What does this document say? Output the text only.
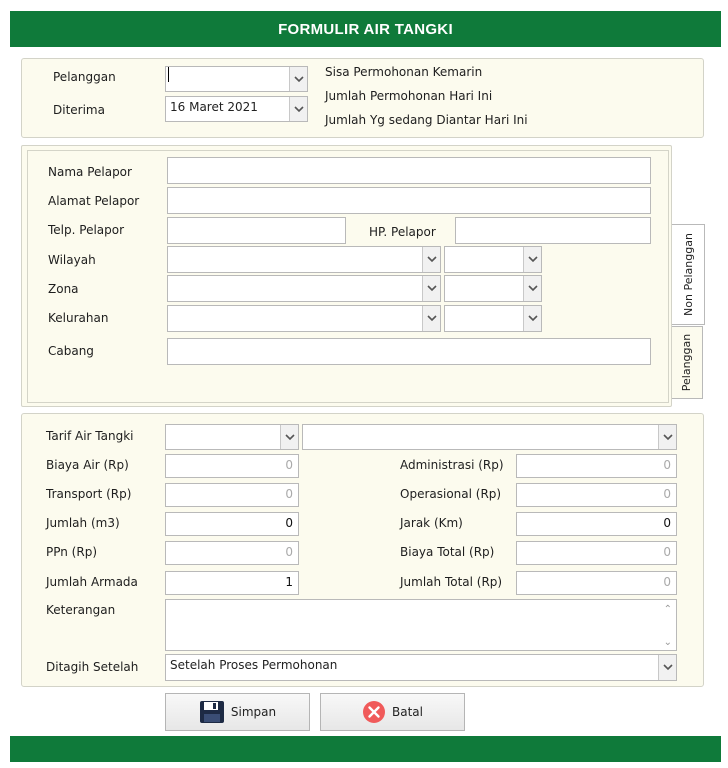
FORMULIR AIR TANGKI
Pelanggan
Diterima	16 Maret 2021
Sisa Permohonan Kemarin
Jumlah Permohonan Hari Ini
Jumlah Yg sedang Diantar Hari Ini
Nama Pelapor
Alamat Pelapor
Telp. Pelapor	HP. Pelapor
Wilayah
Zona
Kelurahan
Cabang
Non Pelanggan
Pelanggan
Tarif Air Tangki
Biaya Air (Rp)	0	Administrasi (Rp)	0
Transport (Rp)	0	Operasional (Rp)	0
Jumlah (m3)	0	Jarak (Km)	0
PPn (Rp)	0	Biaya Total (Rp)	0
Jumlah Armada	1	Jumlah Total (Rp)	0
Keterangan	⌃
⌄
Ditagih Setelah	Setelah Proses Permohonan
Simpan	Batal
